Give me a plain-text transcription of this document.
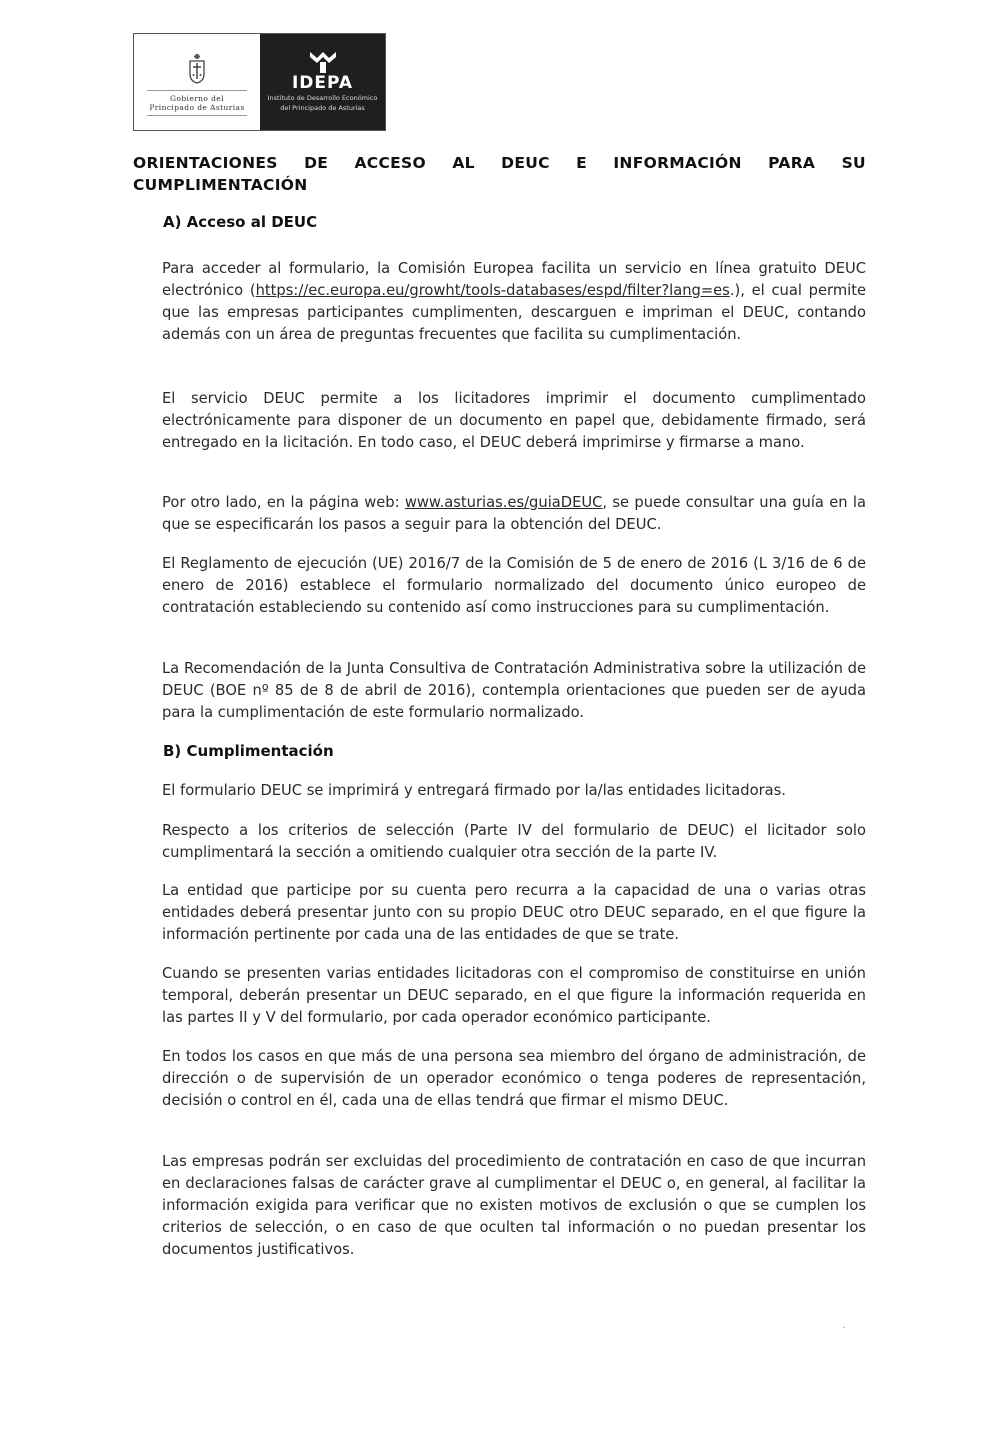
Gobierno del
Principado de Asturias
IDEPA
Instituto de Desarrollo Económico
del Principado de Asturias
ORIENTACIONES DE ACCESO AL DEUC E INFORMACIÓN PARA SU
CUMPLIMENTACIÓN
A) Acceso al DEUC

Para acceder al formulario, la Comisión Europea facilita un servicio en línea gratuito DEUC electrónico (https://ec.europa.eu/growht/tools-databases/espd/filter?lang=es.), el cual permite que las empresas participantes cumplimenten, descarguen e impriman el DEUC, contando además con un área de preguntas frecuentes que facilita su cumplimentación.

El servicio DEUC permite a los licitadores imprimir el documento cumplimentado electrónicamente para disponer de un documento en papel que, debidamente firmado, será entregado en la licitación. En todo caso, el DEUC deberá imprimirse y firmarse a mano.

Por otro lado, en la página web: www.asturias.es/guiaDEUC, se puede consultar una guía en la que se especificarán los pasos a seguir para la obtención del DEUC.

El Reglamento de ejecución (UE) 2016/7 de la Comisión de 5 de enero de 2016 (L 3/16 de 6 de enero de 2016) establece el formulario normalizado del documento único europeo de contratación estableciendo su contenido así como instrucciones para su cumplimentación.

La Recomendación de la Junta Consultiva de Contratación Administrativa sobre la utilización de DEUC (BOE nº 85 de 8 de abril de 2016), contempla orientaciones que pueden ser de ayuda para la cumplimentación de este formulario normalizado.

B) Cumplimentación

El formulario DEUC se imprimirá y entregará firmado por la/las entidades licitadoras.

Respecto a los criterios de selección (Parte IV del formulario de DEUC) el licitador solo cumplimentará la sección a omitiendo cualquier otra sección de la parte IV.

La entidad que participe por su cuenta pero recurra a la capacidad de una o varias otras entidades deberá presentar junto con su propio DEUC otro DEUC separado, en el que figure la información pertinente por cada una de las entidades de que se trate.

Cuando se presenten varias entidades licitadoras con el compromiso de constituirse en unión temporal, deberán presentar un DEUC separado, en el que figure la información requerida en las partes II y V del formulario, por cada operador económico participante.

En todos los casos en que más de una persona sea miembro del órgano de administración, de dirección o de supervisión de un operador económico o tenga poderes de representación, decisión o control en él, cada una de ellas tendrá que firmar el mismo DEUC.

Las empresas podrán ser excluidas del procedimiento de contratación en caso de que incurran en declaraciones falsas de carácter grave al cumplimentar el DEUC o, en general, al facilitar la información exigida para verificar que no existen motivos de exclusión o que se cumplen los criterios de selección, o en caso de que oculten tal información o no puedan presentar los documentos justificativos.
